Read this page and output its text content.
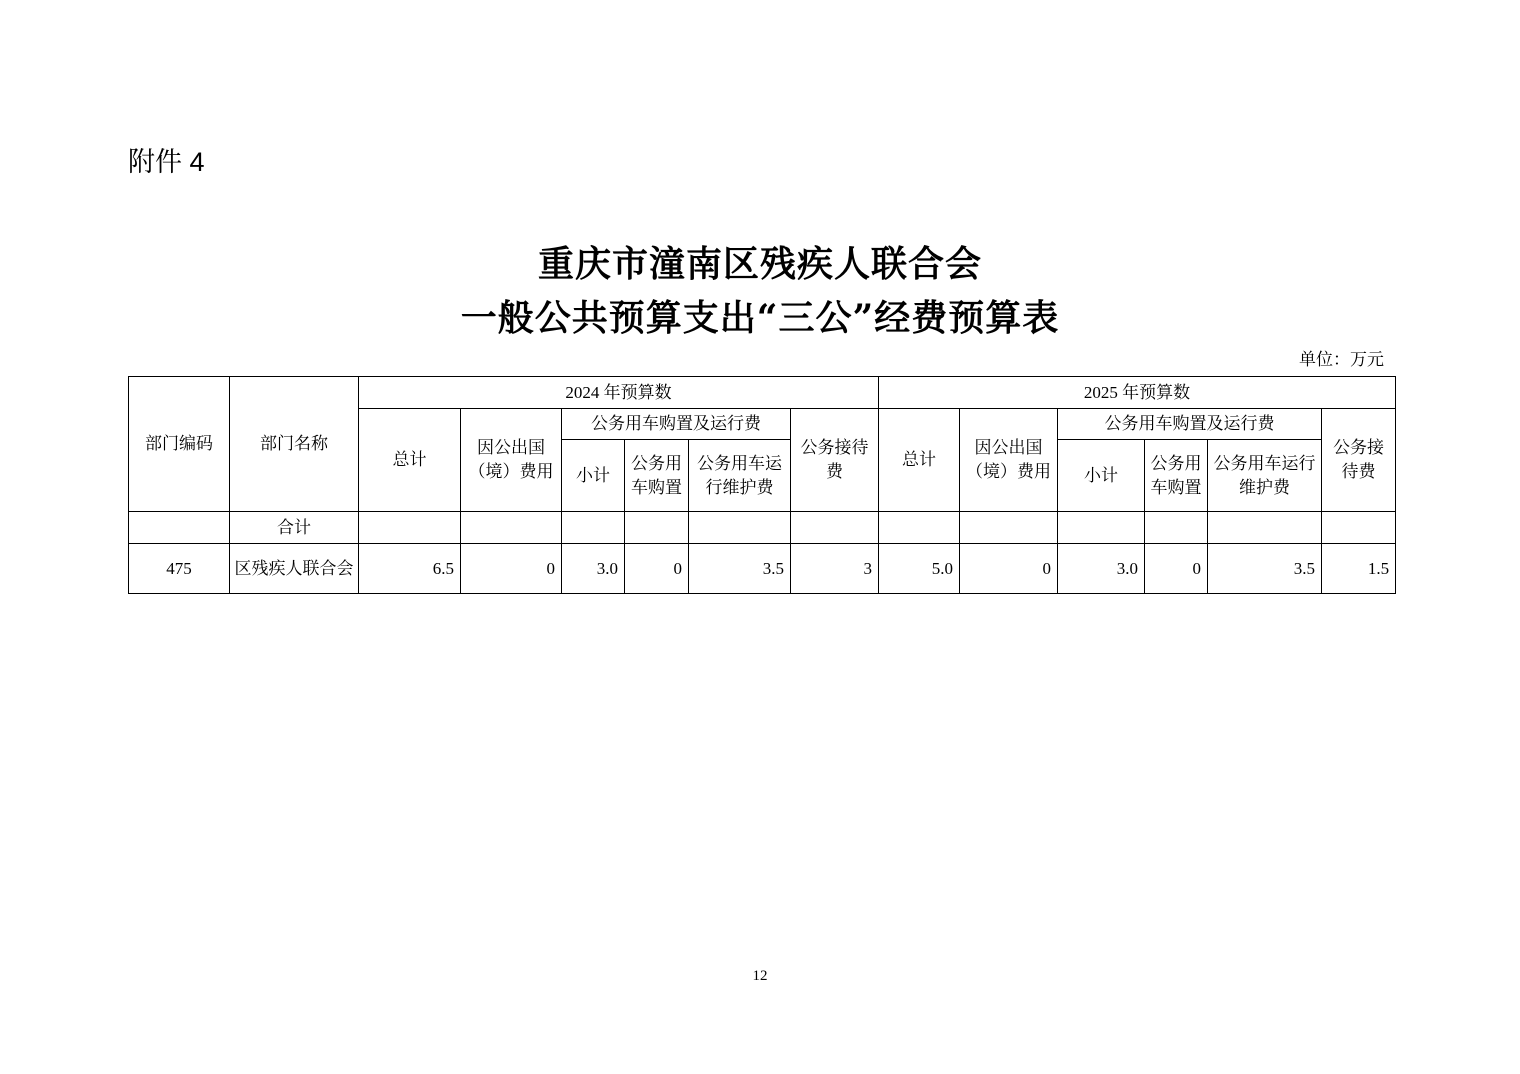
附件 4
重庆市潼南区残疾人联合会
一般公共预算支出“三公”经费预算表
单位：万元
部门编码	部门名称	2024 年预算数						2025 年预算数					
		总计	因公出国（境）费用	公务用车购置及运行费			公务接待费	总计	因公出国（境）费用	公务用车购置及运行费			公务接待费
				小计	公务用车购置	公务用车运行维护费				小计	公务用车购置	公务用车运行维护费	

	合计												
475	区残疾人联合会	6.5	0	3.0	0	3.5	3	5.0	0	3.0	0	3.5	1.5
12
